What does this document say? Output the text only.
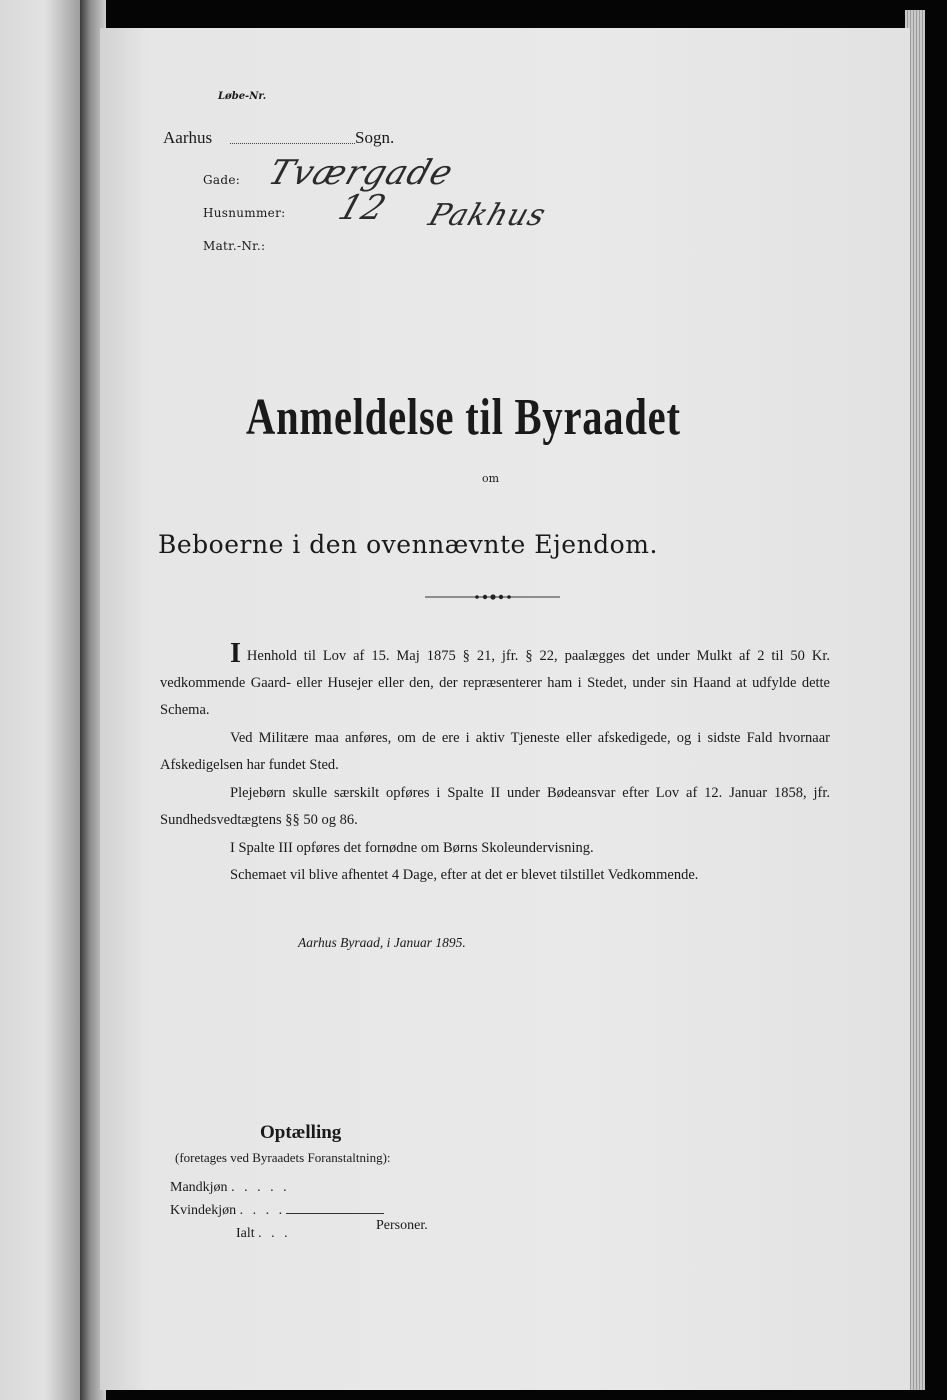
Løbe-Nr.
Aarhus	Sogn.
Gade: Tværgade
Husnummer: 12 Pakhus
Matr.-Nr.:
Anmeldelse til Byraadet
om
Beboerne i den ovennævnte Ejendom.
I Henhold til Lov af 15. Maj 1875 § 21, jfr. § 22, paalægges det under Mulkt af 2 til 50 Kr. vedkommende Gaard- eller Husejer eller den, der repræsenterer ham i Stedet, under sin Haand at udfylde dette Schema.
Ved Militære maa anføres, om de ere i aktiv Tjeneste eller afskedigede, og i sidste Fald hvornaar Afskedigelsen har fundet Sted.
Plejebørn skulle særskilt opføres i Spalte II under Bødeansvar efter Lov af 12. Januar 1858, jfr. Sundhedsvedtægtens §§ 50 og 86.
I Spalte III opføres det fornødne om Børns Skoleundervisning.
Schemaet vil blive afhentet 4 Dage, efter at det er blevet tilstillet Vedkommende.
Aarhus Byraad, i Januar 1895.
Optælling
(foretages ved Byraadets Foranstaltning):
Mandkjøn . . . . .
Kvindekjøn . . . .
Ialt . . .
Personer.
